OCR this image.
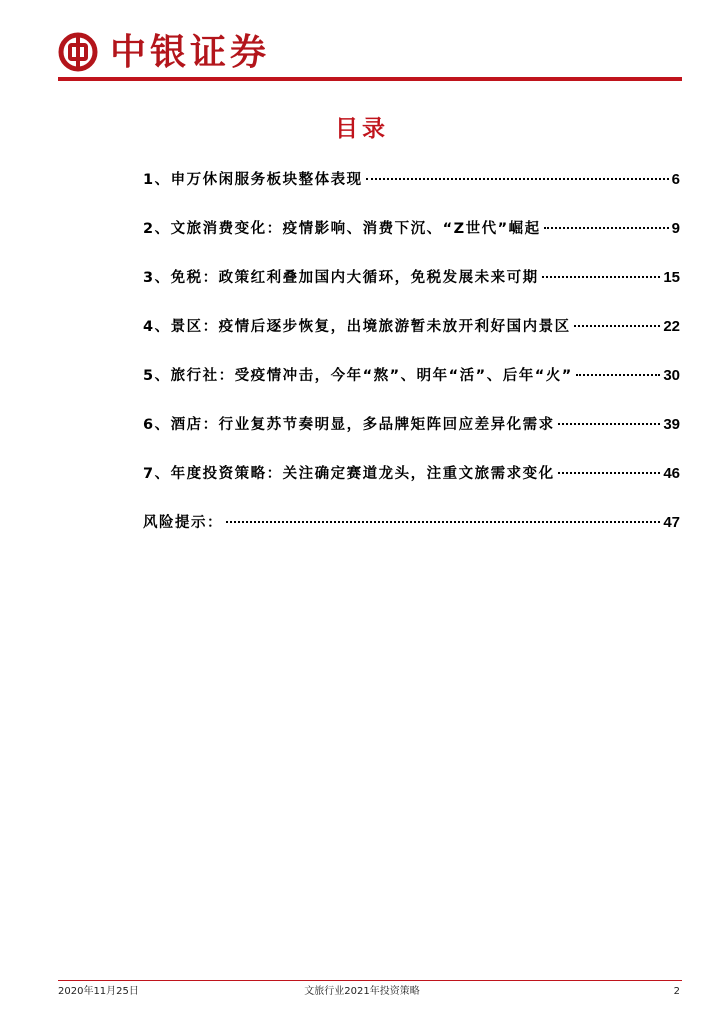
中银证券
目录
1、申万休闲服务板块整体表现	6
2、文旅消费变化：疫情影响、消费下沉、“Z世代”崛起	9
3、免税：政策红利叠加国内大循环，免税发展未来可期	15
4、景区：疫情后逐步恢复，出境旅游暂未放开利好国内景区	22
5、旅行社：受疫情冲击，今年“熬”、明年“活”、后年“火”	30
6、酒店：行业复苏节奏明显，多品牌矩阵回应差异化需求	39
7、年度投资策略：关注确定赛道龙头，注重文旅需求变化	46
风险提示：	47
文旅行业2021年投资策略
2020年11月25日	2
